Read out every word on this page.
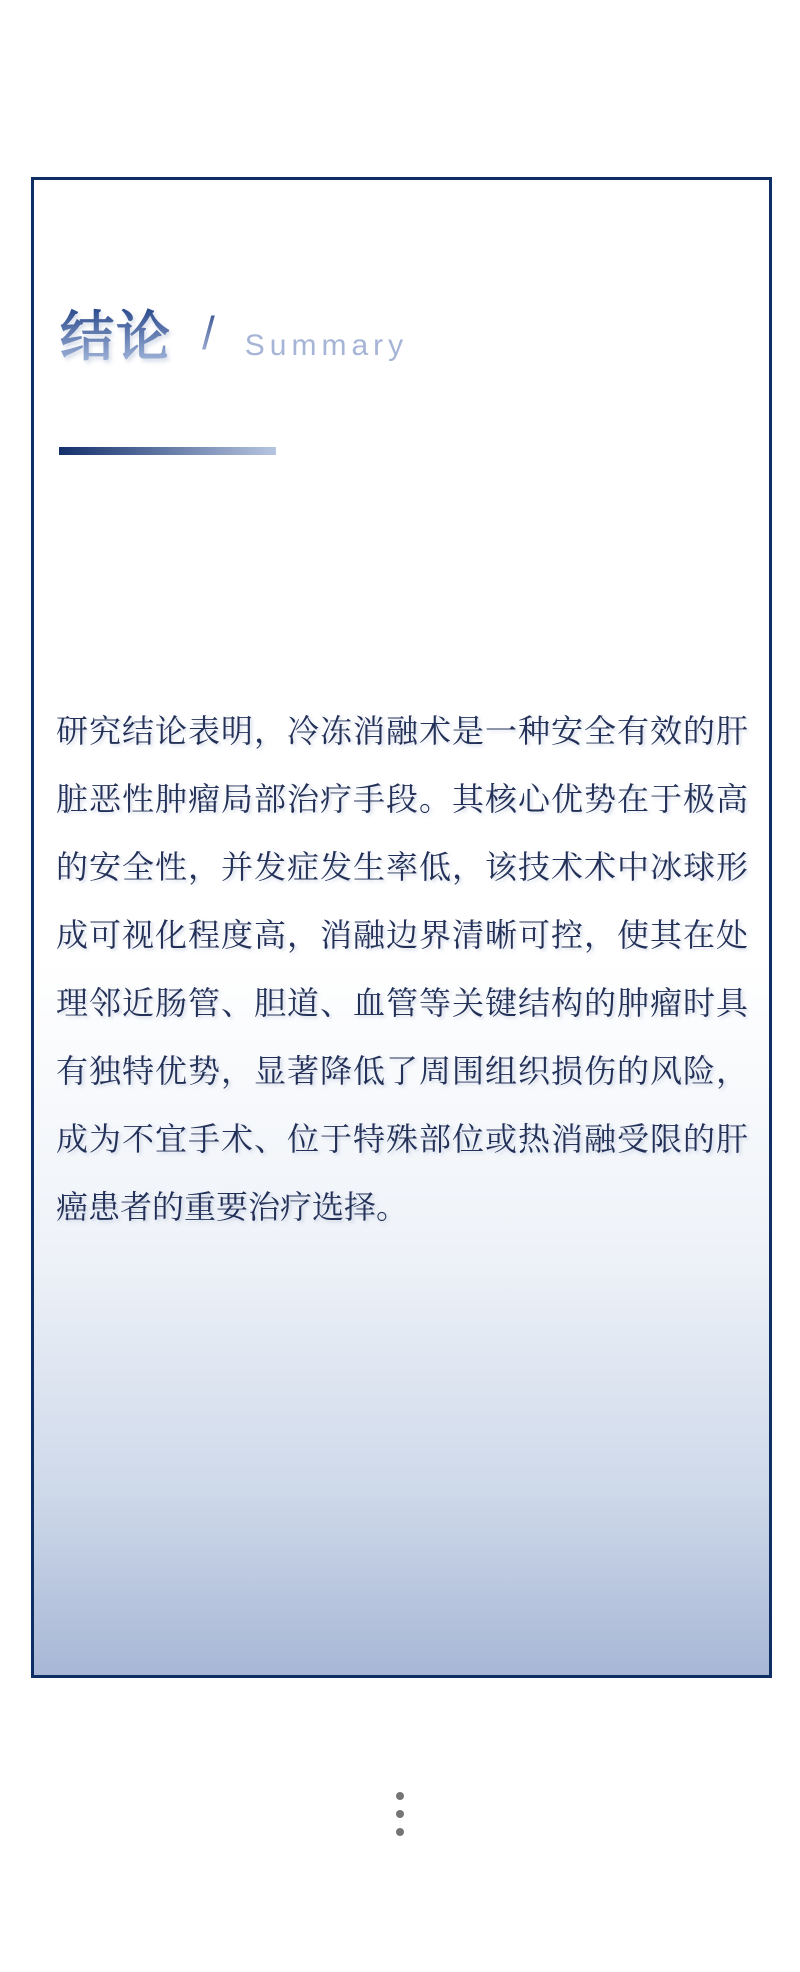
结论 / Summary
研究结论表明，冷冻消融术是一种安全有效的肝脏恶性肿瘤局部治疗手段。其核心优势在于极高的安全性，并发症发生率低，该技术术中冰球形成可视化程度高，消融边界清晰可控，使其在处理邻近肠管、胆道、血管等关键结构的肿瘤时具有独特优势，显著降低了周围组织损伤的风险，成为不宜手术、位于特殊部位或热消融受限的肝癌患者的重要治疗选择。
